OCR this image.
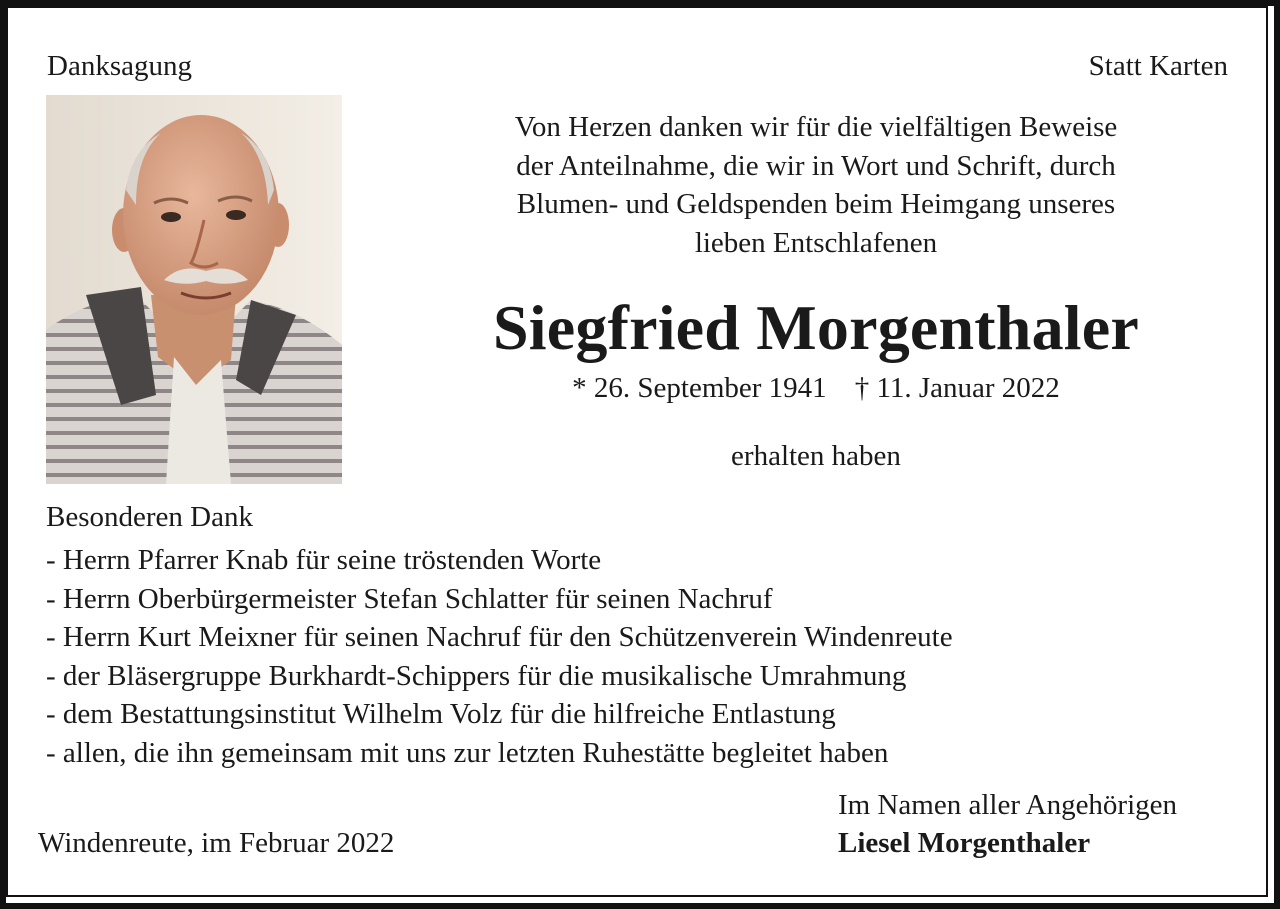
Danksagung	Statt Karten
Von Herzen danken wir für die vielfältigen Beweise
der Anteilnahme, die wir in Wort und Schrift, durch
Blumen- und Geldspenden beim Heimgang unseres
lieben Entschlafenen
Siegfried Morgenthaler
* 26. September 1941 † 11. Januar 2022
erhalten haben
Besonderen Dank
- Herrn Pfarrer Knab für seine tröstenden Worte
- Herrn Oberbürgermeister Stefan Schlatter für seinen Nachruf
- Herrn Kurt Meixner für seinen Nachruf für den Schützenverein Windenreute
- der Bläsergruppe Burkhardt-Schippers für die musikalische Umrahmung
- dem Bestattungsinstitut Wilhelm Volz für die hilfreiche Entlastung
- allen, die ihn gemeinsam mit uns zur letzten Ruhestätte begleitet haben
Im Namen aller Angehörigen
Liesel Morgenthaler
Windenreute, im Februar 2022
